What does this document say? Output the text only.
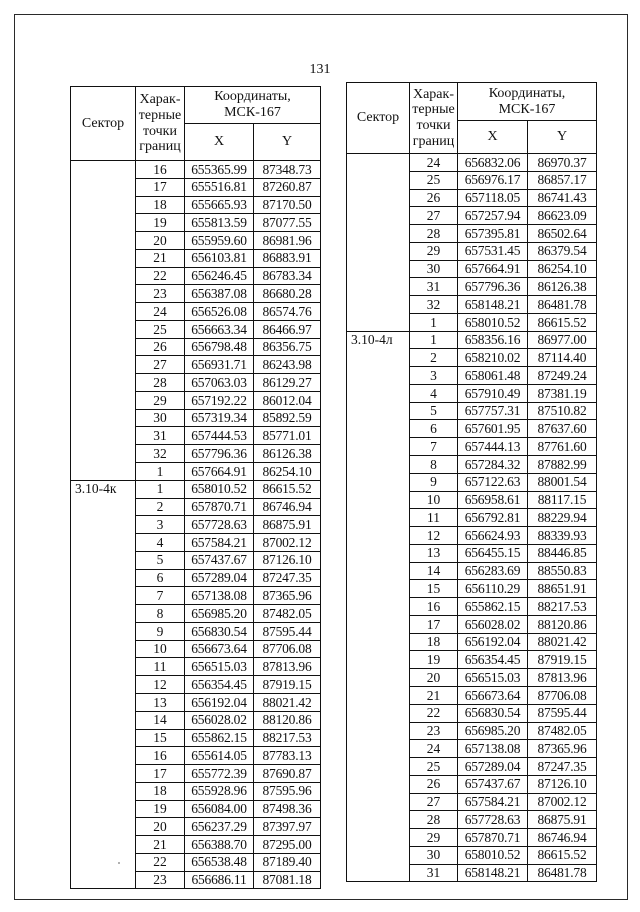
131
Сектор	Харак-
терные
точки
границ	Координаты,
МСК-167	
		X	Y
	16	655365.99	87348.73
	17	655516.81	87260.87
	18	655665.93	87170.50
	19	655813.59	87077.55
	20	655959.60	86981.96
	21	656103.81	86883.91
	22	656246.45	86783.34
	23	656387.08	86680.28
	24	656526.08	86574.76
	25	656663.34	86466.97
	26	656798.48	86356.75
	27	656931.71	86243.98
	28	657063.03	86129.27
	29	657192.22	86012.04
	30	657319.34	85892.59
	31	657444.53	85771.01
	32	657796.36	86126.38
	1	657664.91	86254.10
3.10-4к	1	658010.52	86615.52
	2	657870.71	86746.94
	3	657728.63	86875.91
	4	657584.21	87002.12
	5	657437.67	87126.10
	6	657289.04	87247.35
	7	657138.08	87365.96
	8	656985.20	87482.05
	9	656830.54	87595.44
	10	656673.64	87706.08
	11	656515.03	87813.96
	12	656354.45	87919.15
	13	656192.04	88021.42
	14	656028.02	88120.86
	15	655862.15	88217.53
	16	655614.05	87783.13
	17	655772.39	87690.87
	18	655928.96	87595.96
	19	656084.00	87498.36
	20	656237.29	87397.97
	21	656388.70	87295.00
	22	656538.48	87189.40
	23	656686.11	87081.18
Сектор	Харак-
терные
точки
границ	Координаты,
МСК-167	
		X	Y
	24	656832.06	86970.37
	25	656976.17	86857.17
	26	657118.05	86741.43
	27	657257.94	86623.09
	28	657395.81	86502.64
	29	657531.45	86379.54
	30	657664.91	86254.10
	31	657796.36	86126.38
	32	658148.21	86481.78
	1	658010.52	86615.52
3.10-4л	1	658356.16	86977.00
	2	658210.02	87114.40
	3	658061.48	87249.24
	4	657910.49	87381.19
	5	657757.31	87510.82
	6	657601.95	87637.60
	7	657444.13	87761.60
	8	657284.32	87882.99
	9	657122.63	88001.54
	10	656958.61	88117.15
	11	656792.81	88229.94
	12	656624.93	88339.93
	13	656455.15	88446.85
	14	656283.69	88550.83
	15	656110.29	88651.91
	16	655862.15	88217.53
	17	656028.02	88120.86
	18	656192.04	88021.42
	19	656354.45	87919.15
	20	656515.03	87813.96
	21	656673.64	87706.08
	22	656830.54	87595.44
	23	656985.20	87482.05
	24	657138.08	87365.96
	25	657289.04	87247.35
	26	657437.67	87126.10
	27	657584.21	87002.12
	28	657728.63	86875.91
	29	657870.71	86746.94
	30	658010.52	86615.52
	31	658148.21	86481.78
